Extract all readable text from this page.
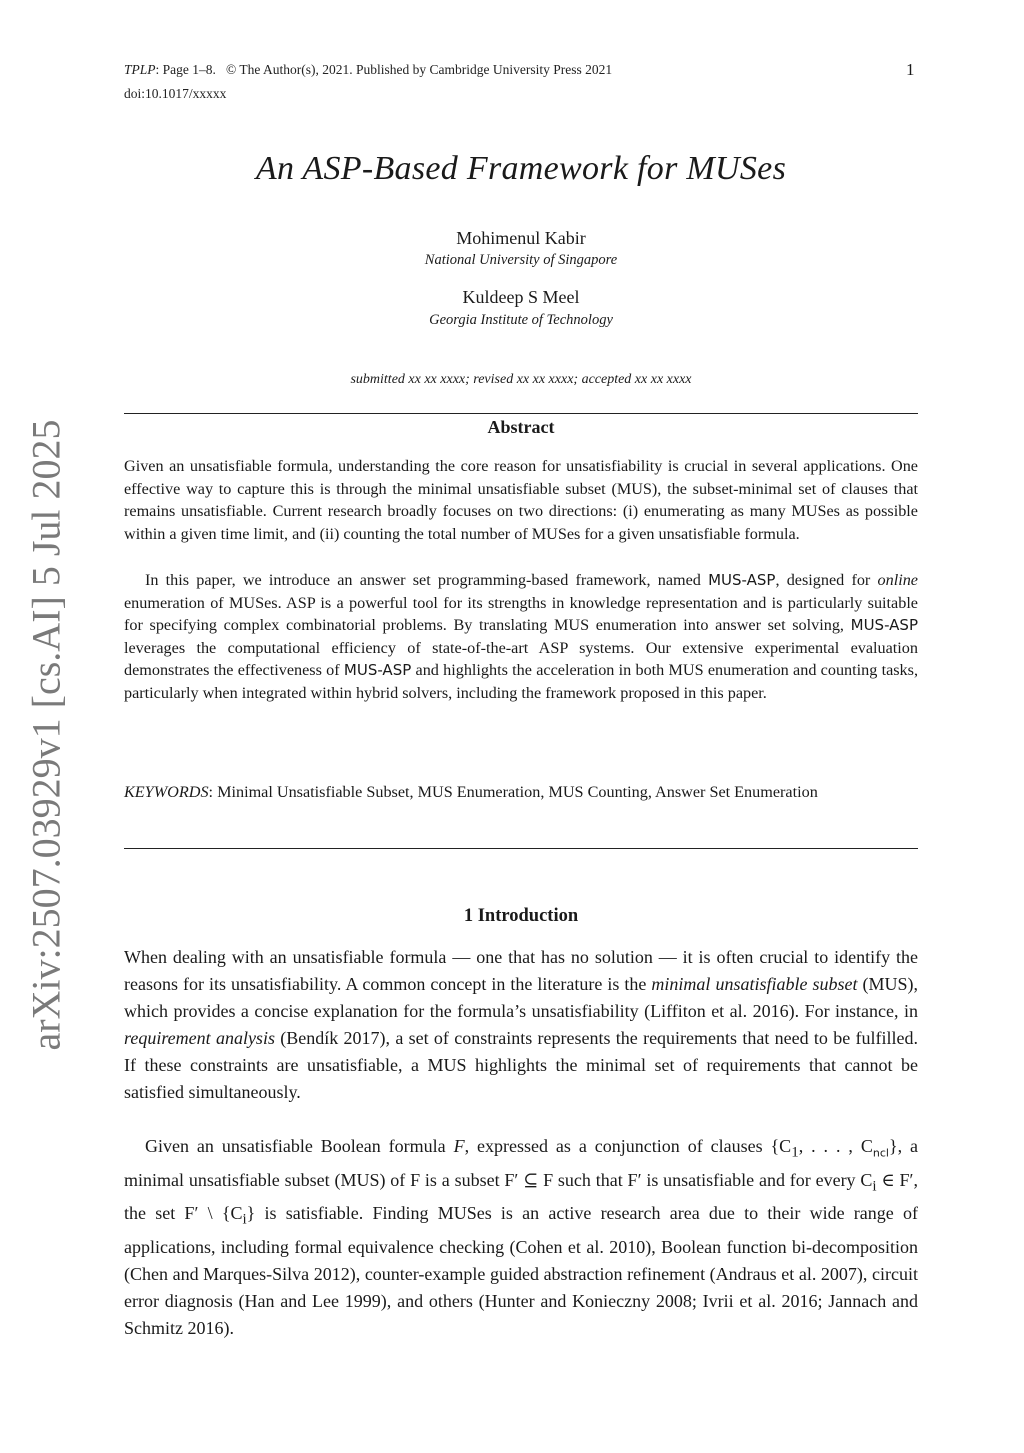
TPLP: Page 1–8. © The Author(s), 2021. Published by Cambridge University Press 2021
doi:10.1017/xxxxx
1
arXiv:2507.03929v1 [cs.AI] 5 Jul 2025
An ASP-Based Framework for MUSes
Mohimenul Kabir
National University of Singapore
Kuldeep S Meel
Georgia Institute of Technology
submitted xx xx xxxx; revised xx xx xxxx; accepted xx xx xxxx
Abstract
Given an unsatisfiable formula, understanding the core reason for unsatisfiability is crucial in several applications. One effective way to capture this is through the minimal unsatisfiable subset (MUS), the subset-minimal set of clauses that remains unsatisfiable. Current research broadly focuses on two directions: (i) enumerating as many MUSes as possible within a given time limit, and (ii) counting the total number of MUSes for a given unsatisfiable formula.
In this paper, we introduce an answer set programming-based framework, named MUS-ASP, designed for online enumeration of MUSes. ASP is a powerful tool for its strengths in knowledge representation and is particularly suitable for specifying complex combinatorial problems. By translating MUS enumeration into answer set solving, MUS-ASP leverages the computational efficiency of state-of-the-art ASP systems. Our extensive experimental evaluation demonstrates the effectiveness of MUS-ASP and highlights the acceleration in both MUS enumeration and counting tasks, particularly when integrated within hybrid solvers, including the framework proposed in this paper.
KEYWORDS: Minimal Unsatisfiable Subset, MUS Enumeration, MUS Counting, Answer Set Enumeration
1 Introduction

When dealing with an unsatisfiable formula — one that has no solution — it is often crucial to identify the reasons for its unsatisfiability. A common concept in the literature is the minimal unsatisfiable subset (MUS), which provides a concise explanation for the formula’s unsatisfiability (Liffiton et al. 2016). For instance, in requirement analysis (Bendík 2017), a set of constraints represents the requirements that need to be fulfilled. If these constraints are unsatisfiable, a MUS highlights the minimal set of requirements that cannot be satisfied simultaneously.

Given an unsatisfiable Boolean formula F, expressed as a conjunction of clauses {$C_1$, . . . , $C_{ncl}$}, a minimal unsatisfiable subset (MUS) of F is a subset F′ ⊆ F such that F′ is unsatisfiable and for every $C_i$ ∈ F′, the set F′ \ $\{C_i\}$ is satisfiable. Finding MUSes is an active research area due to their wide range of applications, including formal equivalence checking (Cohen et al. 2010), Boolean function bi-decomposition (Chen and Marques-Silva 2012), counter-example guided abstraction refinement (Andraus et al. 2007), circuit error diagnosis (Han and Lee 1999), and others (Hunter and Konieczny 2008; Ivrii et al. 2016; Jannach and Schmitz 2016).
